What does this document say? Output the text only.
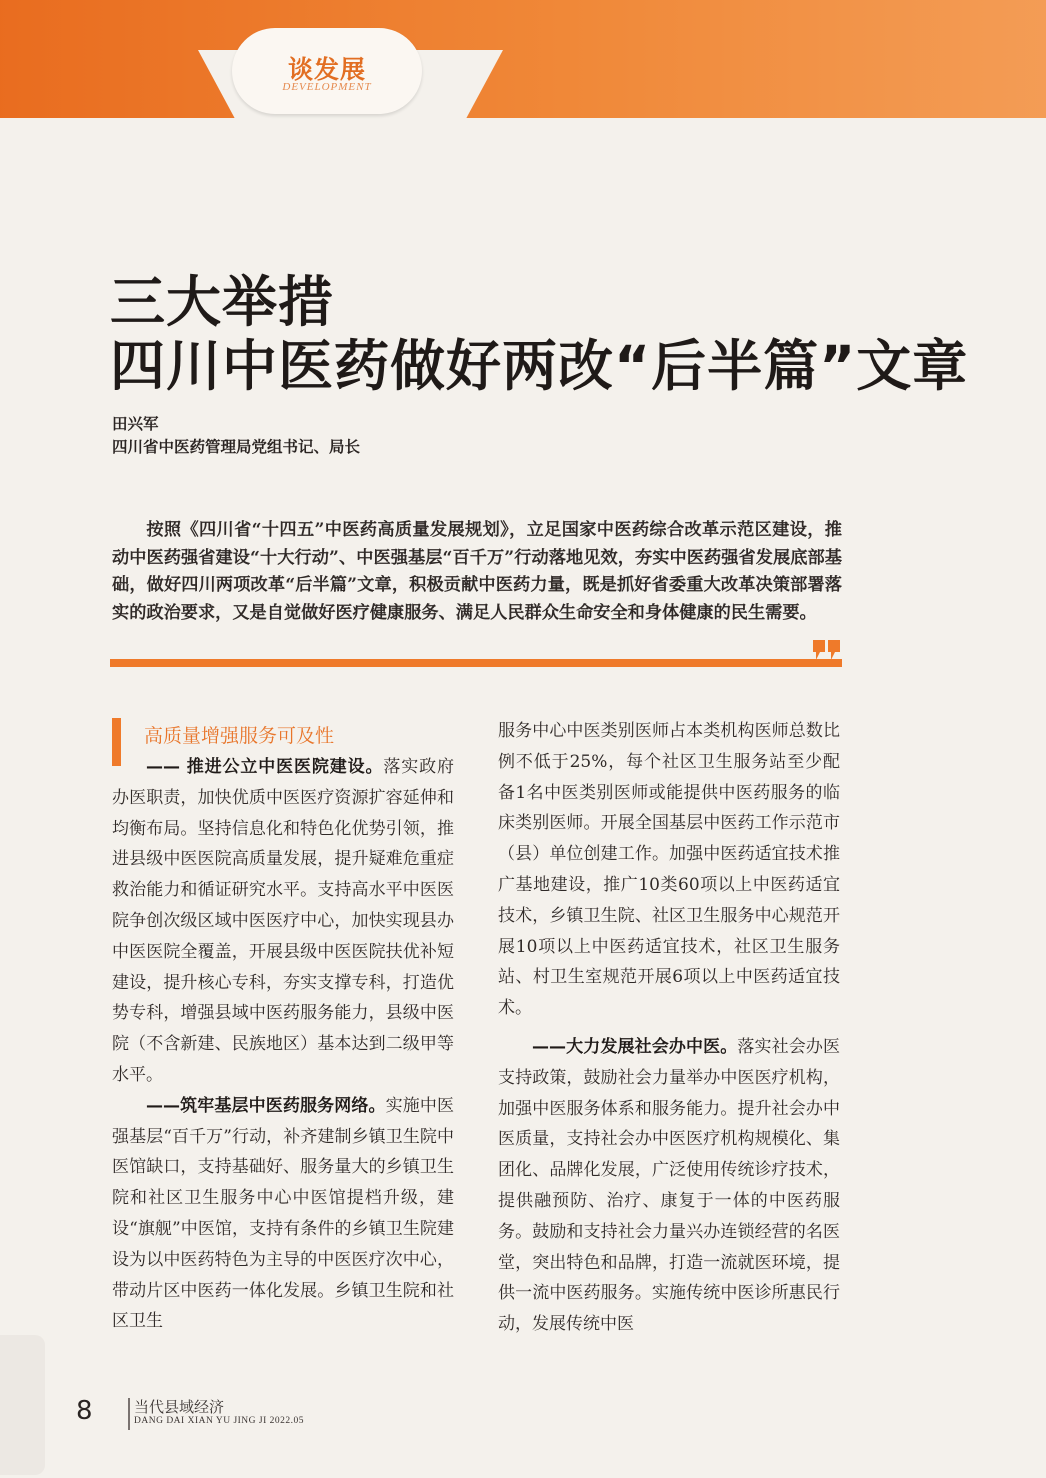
谈发展
DEVELOPMENT
三大举措
四川中医药做好两改“后半篇”文章
田兴军
四川省中医药管理局党组书记、局长

按照《四川省“十四五”中医药高质量发展规划》，立足国家中医药综合改革示范区建设，推动中医药强省建设“十大行动”、中医强基层“百千万”行动落地见效，夯实中医药强省发展底部基础，做好四川两项改革“后半篇”文章，积极贡献中医药力量，既是抓好省委重大改革决策部署落实的政治要求，又是自觉做好医疗健康服务、满足人民群众生命安全和身体健康的民生需要。

高质量增强服务可及性

—— 推进公立中医医院建设。落实政府办医职责，加快优质中医医疗资源扩容延伸和均衡布局。坚持信息化和特色化优势引领，推进县级中医医院高质量发展，提升疑难危重症救治能力和循证研究水平。支持高水平中医医院争创次级区域中医医疗中心，加快实现县办中医医院全覆盖，开展县级中医医院扶优补短建设，提升核心专科，夯实支撑专科，打造优势专科，增强县域中医药服务能力，县级中医院（不含新建、民族地区）基本达到二级甲等水平。

——筑牢基层中医药服务网络。实施中医强基层“百千万”行动，补齐建制乡镇卫生院中医馆缺口，支持基础好、服务量大的乡镇卫生院和社区卫生服务中心中医馆提档升级，建设“旗舰”中医馆，支持有条件的乡镇卫生院建设为以中医药特色为主导的中医医疗次中心，带动片区中医药一体化发展。乡镇卫生院和社区卫生

服务中心中医类别医师占本类机构医师总数比例不低于25%，每个社区卫生服务站至少配备1名中医类别医师或能提供中医药服务的临床类别医师。开展全国基层中医药工作示范市（县）单位创建工作。加强中医药适宜技术推广基地建设，推广10类60项以上中医药适宜技术，乡镇卫生院、社区卫生服务中心规范开展10项以上中医药适宜技术，社区卫生服务站、村卫生室规范开展6项以上中医药适宜技术。

——大力发展社会办中医。落实社会办医支持政策，鼓励社会力量举办中医医疗机构，加强中医服务体系和服务能力。提升社会办中医质量，支持社会办中医医疗机构规模化、集团化、品牌化发展，广泛使用传统诊疗技术，提供融预防、治疗、康复于一体的中医药服务。鼓励和支持社会力量兴办连锁经营的名医堂，突出特色和品牌，打造一流就医环境，提供一流中医药服务。实施传统中医诊所惠民行动，发展传统中医

8	当代县域经济
DANG DAI XIAN YU JING JI 2022.05
